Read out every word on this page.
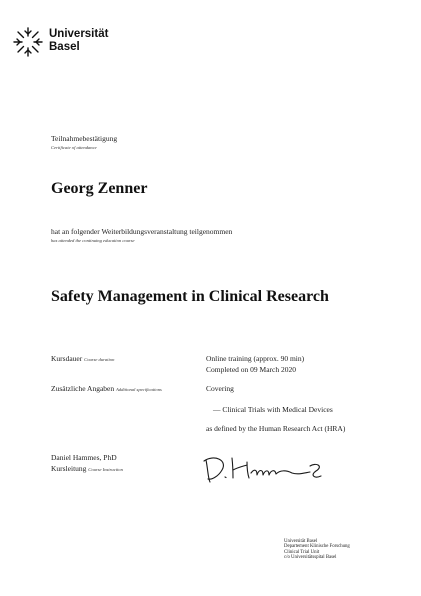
Universität
Basel
Teilnahmebestätigung
Certificate of attendance
Georg Zenner
hat an folgender Weiterbildungsveranstaltung teilgenommen
has attended the continuing education course
Safety Management in Clinical Research
Kursdauer Course duration	Online training (approx. 90 min)
Completed on 09 March 2020
Zusätzliche Angaben Additional specifications	Covering
— Clinical Trials with Medical Devices
as defined by the Human Research Act (HRA)
Daniel Hammes, PhD
Kursleitung Course Instruction
Universität Basel
Departement Klinische Forschung
Clinical Trial Unit
c/o Universitätsspital Basel
